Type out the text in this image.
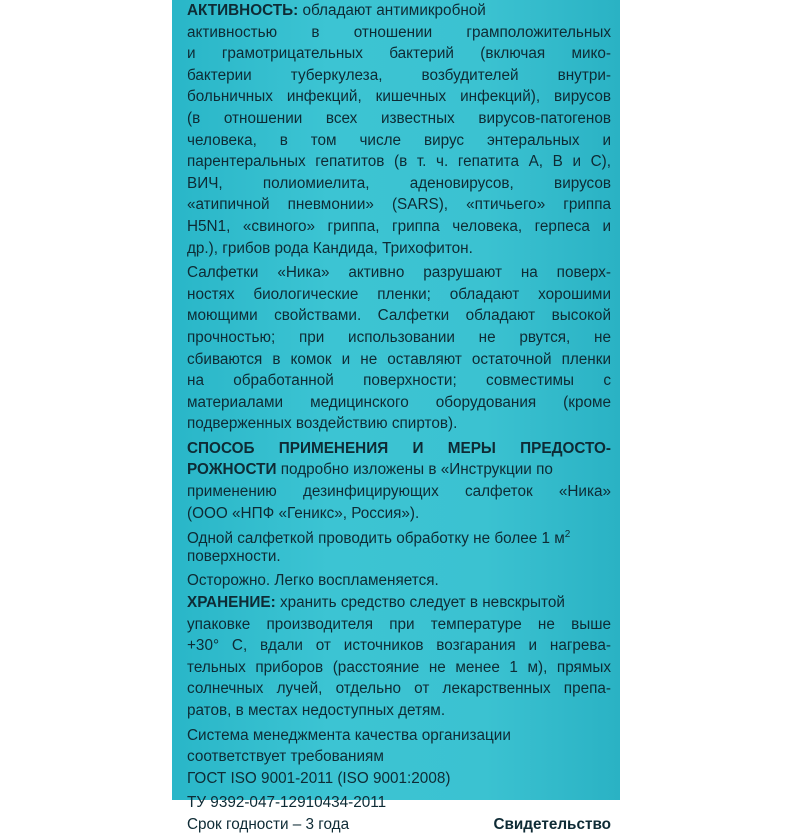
АКТИВНОСТЬ: обладают антимикробной
активностью в отношении грамположительных
и грамотрицательных бактерий (включая мико-
бактерии туберкулеза, возбудителей внутри-
больничных инфекций, кишечных инфекций), вирусов
(в отношении всех известных вирусов-патогенов
человека, в том числе вирус энтеральных и
парентеральных гепатитов (в т. ч. гепатита А, В и С),
ВИЧ, полиомиелита, аденовирусов, вирусов
«атипичной пневмонии» (SARS), «птичьего» гриппа
H5N1, «свиного» гриппа, гриппа человека, герпеса и
др.), грибов рода Кандида, Трихофитон.
Салфетки «Ника» активно разрушают на поверх-
ностях биологические пленки; обладают хорошими
моющими свойствами. Салфетки обладают высокой
прочностью; при использовании не рвутся, не
сбиваются в комок и не оставляют остаточной пленки
на обработанной поверхности; совместимы с
материалами медицинского оборудования (кроме
подверженных воздействию спиртов).
СПОСОБ ПРИМЕНЕНИЯ И МЕРЫ ПРЕДОСТО-
РОЖНОСТИ подробно изложены в «Инструкции по
применению дезинфицирующих салфеток «Ника»
(ООО «НПФ «Геникс», Россия»).
Одной салфеткой проводить обработку не более 1 $м^2$
поверхности.
Осторожно. Легко воспламеняется.
ХРАНЕНИЕ: хранить средство следует в невскрытой
упаковке производителя при температуре не выше
+30° С, вдали от источников возгарания и нагрева-
тельных приборов (расстояние не менее 1 м), прямых
солнечных лучей, отдельно от лекарственных препа-
ратов, в местах недоступных детям.
Система менеджмента качества организации
соответствует требованиям
ГОСТ ISO 9001-2011 (ISO 9001:2008)
ТУ 9392-047-12910434-2011
Срок годности – 3 года	Свидетельство
